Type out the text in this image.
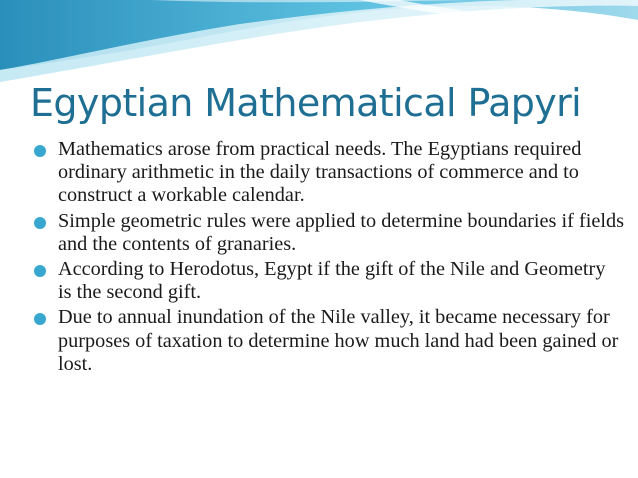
Egyptian Mathematical Papyri
Mathematics arose from practical needs. The Egyptians required ordinary arithmetic in the daily transactions of commerce and to construct a workable calendar.
Simple geometric rules were applied to determine boundaries if fields and the contents of granaries.
According to Herodotus, Egypt if the gift of the Nile and Geometry is the second gift.
Due to annual inundation of the Nile valley, it became necessary for purposes of taxation to determine how much land had been gained or lost.
